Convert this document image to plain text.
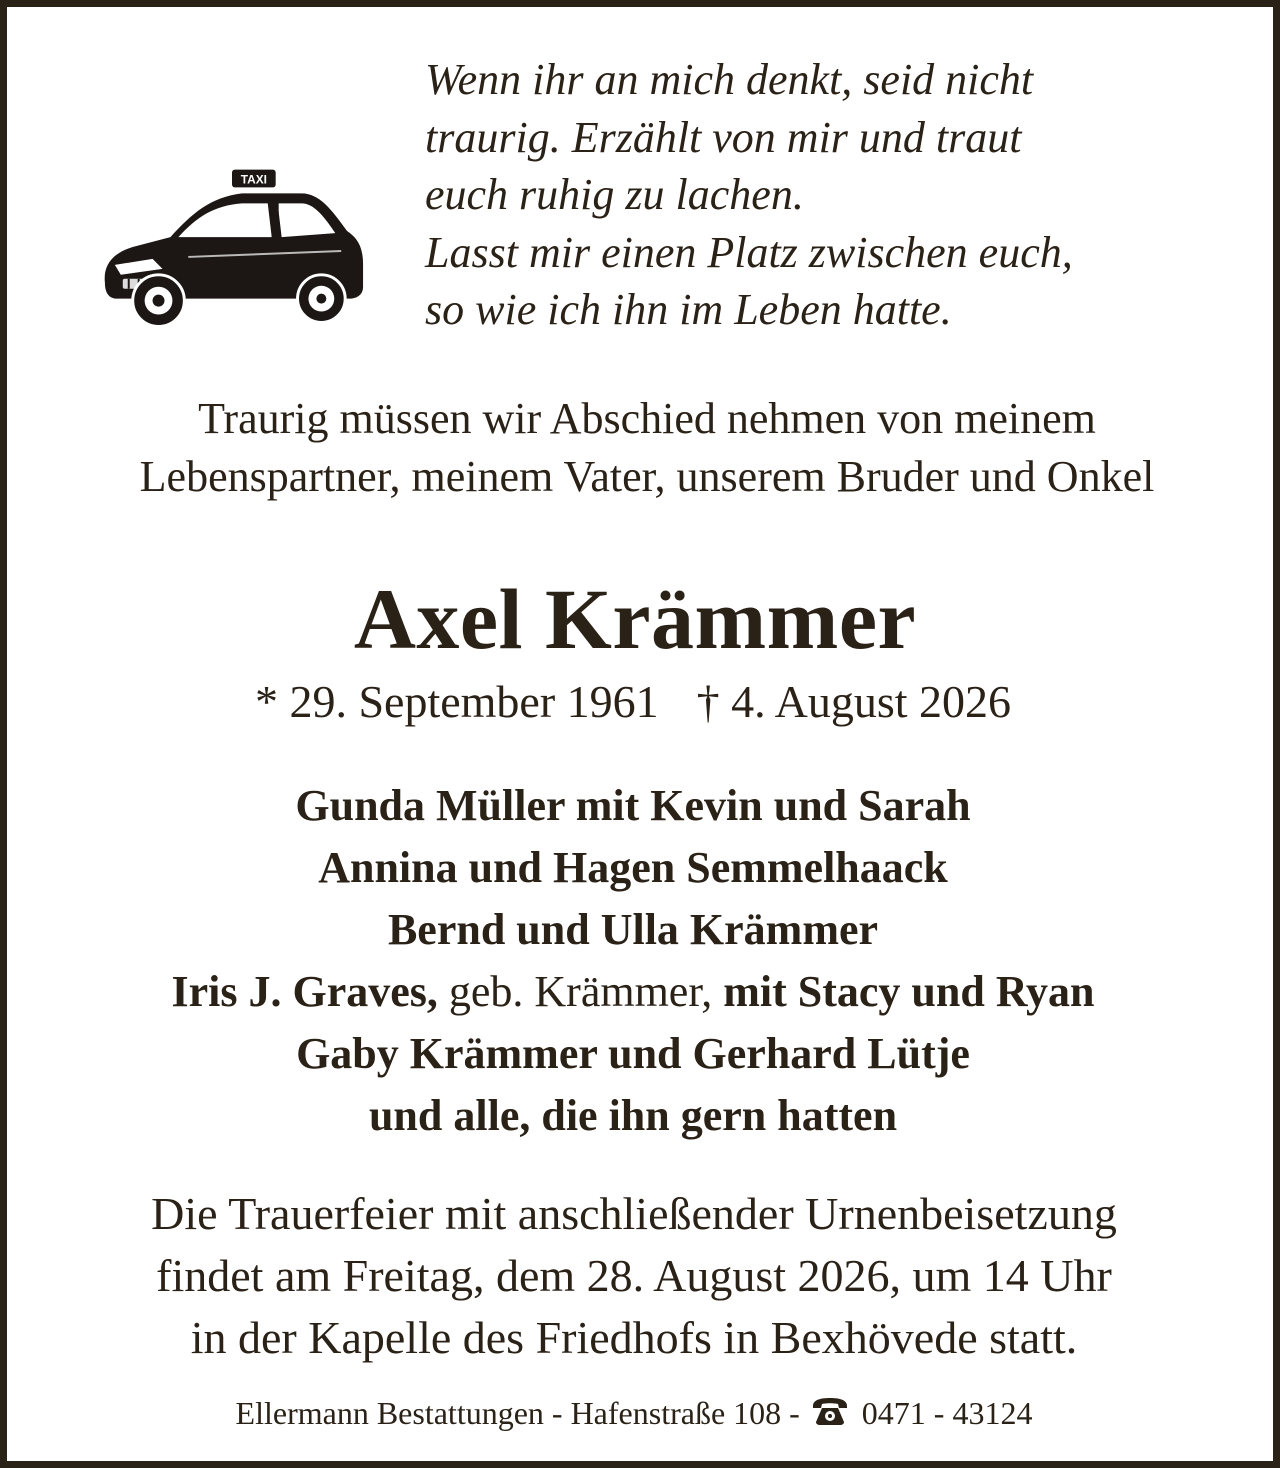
TAXI
Wenn ihr an mich denkt, seid nicht
traurig. Erzählt von mir und traut
euch ruhig zu lachen.
Lasst mir einen Platz zwischen euch,
so wie ich ihn im Leben hatte.
Traurig müssen wir Abschied nehmen von meinem
Lebenspartner, meinem Vater, unserem Bruder und Onkel
Axel Krämmer
* 29. September 1961 † 4. August 2026
Gunda Müller mit Kevin und Sarah
Annina und Hagen Semmelhaack
Bernd und Ulla Krämmer
Iris J. Graves, geb. Krämmer, mit Stacy und Ryan
Gaby Krämmer und Gerhard Lütje
und alle, die ihn gern hatten
Die Trauerfeier mit anschließender Urnenbeisetzung
findet am Freitag, dem 28. August 2026, um 14 Uhr
in der Kapelle des Friedhofs in Bexhövede statt.
Ellermann Bestattungen - Hafenstraße 108 - 0471 - 43124
